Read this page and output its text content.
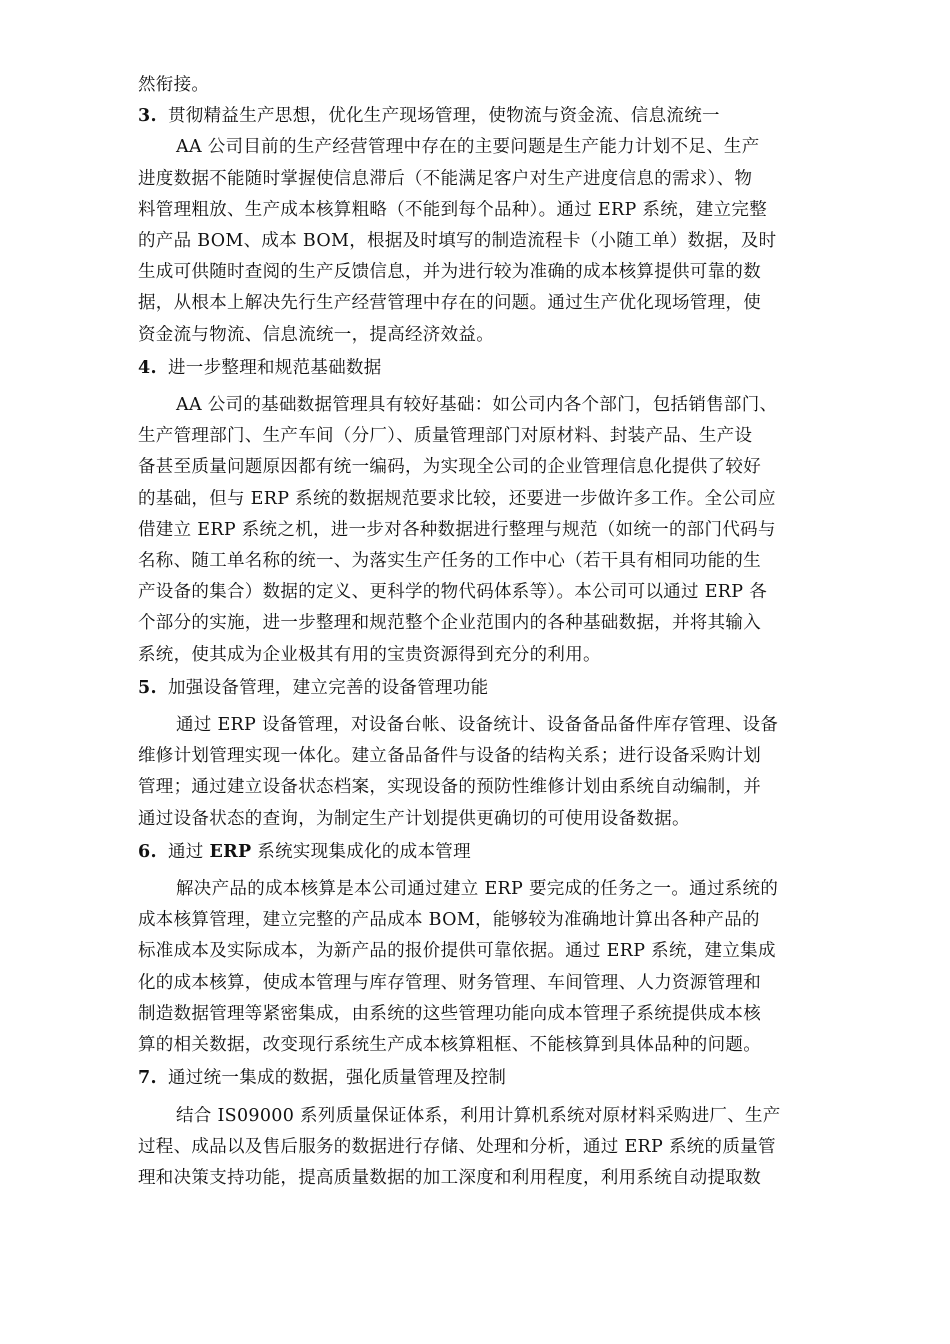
然衔接。
3. 贯彻精益生产思想，优化生产现场管理，使物流与资金流、信息流统一
AA 公司目前的生产经营管理中存在的主要问题是生产能力计划不足、生产
进度数据不能随时掌握使信息滞后（不能满足客户对生产进度信息的需求）、物
料管理粗放、生产成本核算粗略（不能到每个品种）。通过 ERP 系统，建立完整
的产品 BOM、成本 BOM，根据及时填写的制造流程卡（小随工单）数据，及时
生成可供随时查阅的生产反馈信息，并为进行较为准确的成本核算提供可靠的数
据，从根本上解决先行生产经营管理中存在的问题。通过生产优化现场管理，使
资金流与物流、信息流统一，提高经济效益。
4. 进一步整理和规范基础数据
AA 公司的基础数据管理具有较好基础：如公司内各个部门，包括销售部门、
生产管理部门、生产车间（分厂）、质量管理部门对原材料、封装产品、生产设
备甚至质量问题原因都有统一编码，为实现全公司的企业管理信息化提供了较好
的基础，但与 ERP 系统的数据规范要求比较，还要进一步做许多工作。全公司应
借建立 ERP 系统之机，进一步对各种数据进行整理与规范（如统一的部门代码与
名称、随工单名称的统一、为落实生产任务的工作中心（若干具有相同功能的生
产设备的集合）数据的定义、更科学的物代码体系等）。本公司可以通过 ERP 各
个部分的实施，进一步整理和规范整个企业范围内的各种基础数据，并将其输入
系统，使其成为企业极其有用的宝贵资源得到充分的利用。
5. 加强设备管理，建立完善的设备管理功能
通过 ERP 设备管理，对设备台帐、设备统计、设备备品备件库存管理、设备
维修计划管理实现一体化。建立备品备件与设备的结构关系；进行设备采购计划
管理；通过建立设备状态档案，实现设备的预防性维修计划由系统自动编制，并
通过设备状态的查询，为制定生产计划提供更确切的可使用设备数据。
6. 通过 ERP 系统实现集成化的成本管理
解决产品的成本核算是本公司通过建立 ERP 要完成的任务之一。通过系统的
成本核算管理，建立完整的产品成本 BOM，能够较为准确地计算出各种产品的
标准成本及实际成本，为新产品的报价提供可靠依据。通过 ERP 系统，建立集成
化的成本核算，使成本管理与库存管理、财务管理、车间管理、人力资源管理和
制造数据管理等紧密集成，由系统的这些管理功能向成本管理子系统提供成本核
算的相关数据，改变现行系统生产成本核算粗框、不能核算到具体品种的问题。
7. 通过统一集成的数据，强化质量管理及控制
结合 IS09000 系列质量保证体系，利用计算机系统对原材料采购进厂、生产
过程、成品以及售后服务的数据进行存储、处理和分析，通过 ERP 系统的质量管
理和决策支持功能，提高质量数据的加工深度和利用程度，利用系统自动提取数
